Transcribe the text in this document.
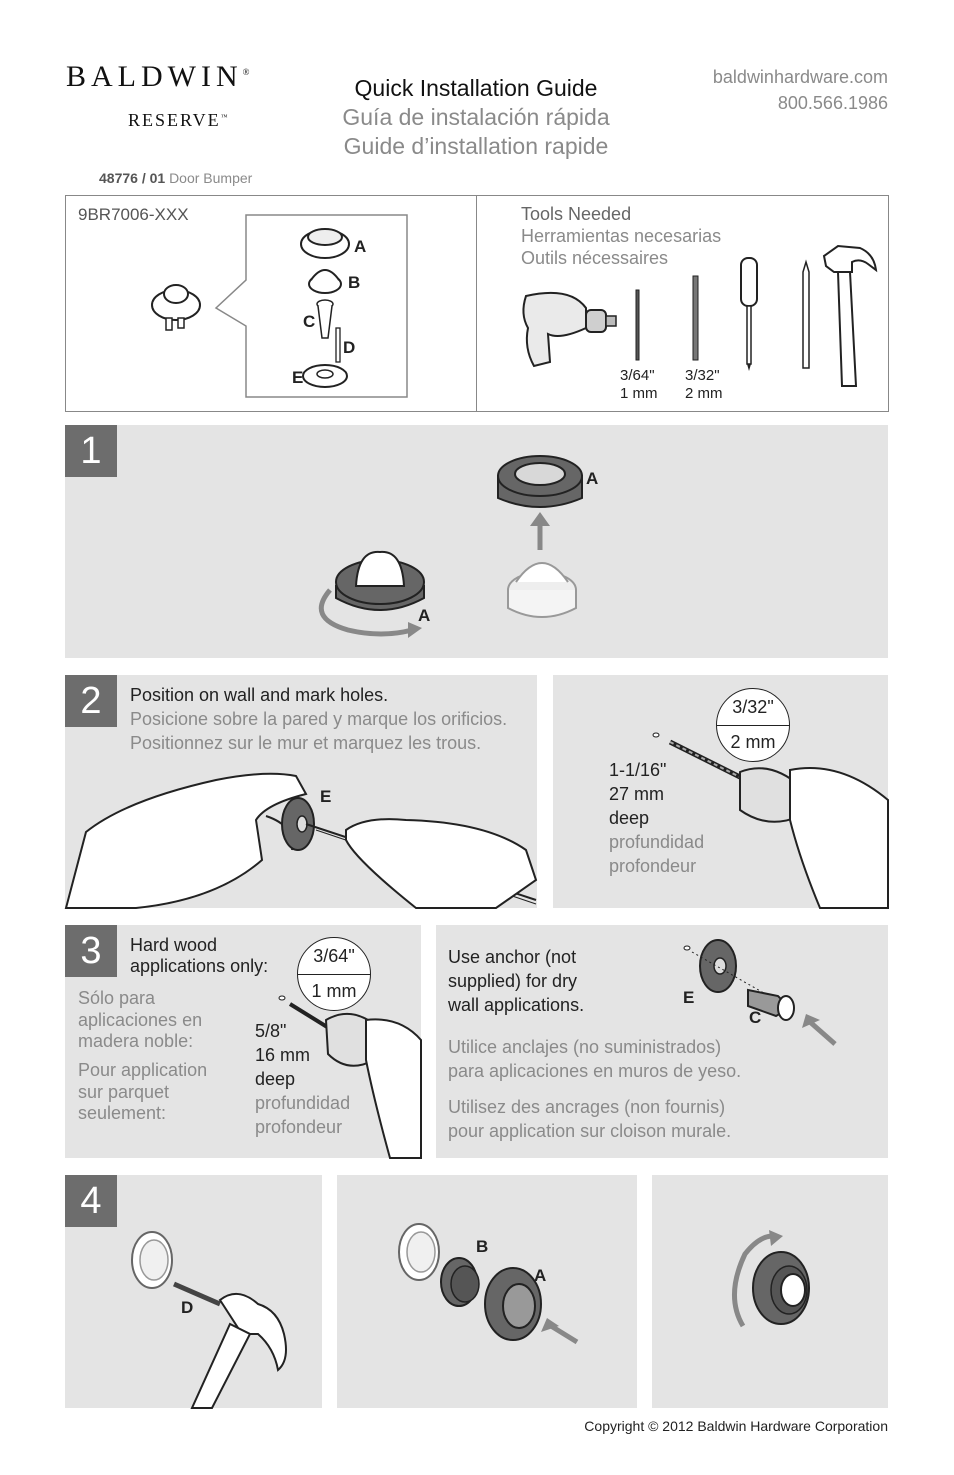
BALDWIN®
RESERVE™
Quick Installation Guide
Guía de instalación rápida
Guide d’installation rapide
baldwinhardware.com
800.566.1986
48776 / 01 Door Bumper
9BR7006-XXX
A
B
C
D
E
Tools Needed
Herramientas necesarias
Outils nécessaires
3/64"
1 mm
3/32"
2 mm
1
A
A
2	Position on wall and mark holes.
Posicione sobre la pared y marque los orificios.
Positionnez sur le mur et marquez les trous.
E
3/32"
2 mm
1-1/16"
27 mm
deep
profundidad
profondeur
3	Hard wood
applications only:
Sólo para
aplicaciones en
madera noble:
Pour application
sur parquet
seulement:
3/64"
1 mm
5/8"
16 mm
deep
profundidad
profondeur
Use anchor (not
supplied) for dry
wall applications.
Utilice anclajes (no suministrados)
para aplicaciones en muros de yeso.
Utilisez des ancrages (non fournis)
pour application sur cloison murale.
E
C
4
D
B
A
Copyright © 2012 Baldwin Hardware Corporation
